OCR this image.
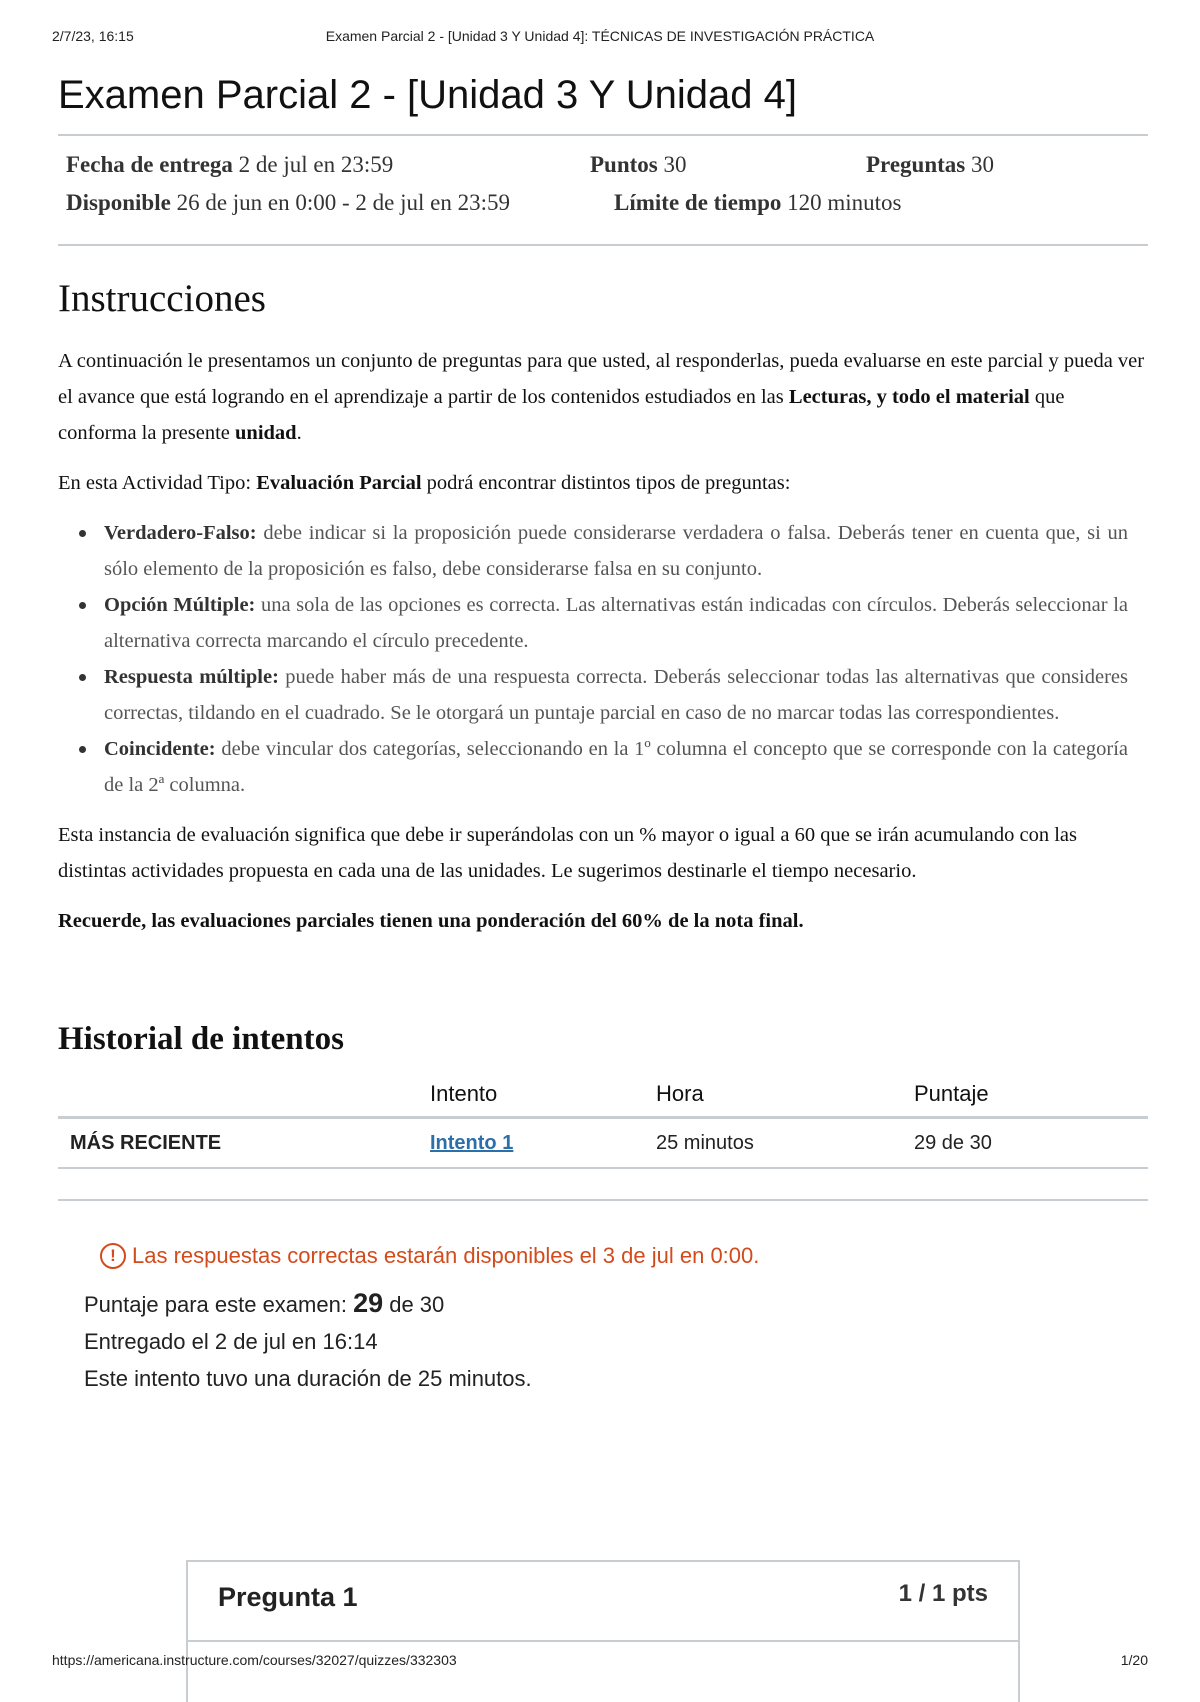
2/7/23, 16:15	Examen Parcial 2 - [Unidad 3 Y Unidad 4]: TÉCNICAS DE INVESTIGACIÓN PRÁCTICA
Examen Parcial 2 - [Unidad 3 Y Unidad 4]
Fecha de entrega 2 de jul en 23:59	Puntos 30	Preguntas 30
Disponible 26 de jun en 0:00 - 2 de jul en 23:59	Límite de tiempo 120 minutos
Instrucciones

A continuación le presentamos un conjunto de preguntas para que usted, al responderlas, pueda evaluarse en este parcial y pueda ver el avance que está logrando en el aprendizaje a partir de los contenidos estudiados en las Lecturas, y todo el material que conforma la presente unidad.

En esta Actividad Tipo: Evaluación Parcial podrá encontrar distintos tipos de preguntas:

Verdadero-Falso: debe indicar si la proposición puede considerarse verdadera o falsa. Deberás tener en cuenta que, si un sólo elemento de la proposición es falso, debe considerarse falsa en su conjunto.
Opción Múltiple: una sola de las opciones es correcta. Las alternativas están indicadas con círculos. Deberás seleccionar la alternativa correcta marcando el círculo precedente.
Respuesta múltiple: puede haber más de una respuesta correcta. Deberás seleccionar todas las alternativas que consideres correctas, tildando en el cuadrado. Se le otorgará un puntaje parcial en caso de no marcar todas las correspondientes.
Coincidente: debe vincular dos categorías, seleccionando en la 1º columna el concepto que se corresponde con la categoría de la 2ª columna.

Esta instancia de evaluación significa que debe ir superándolas con un % mayor o igual a 60 que se irán acumulando con las distintas actividades propuesta en cada una de las unidades. Le sugerimos destinarle el tiempo necesario.

Recuerde, las evaluaciones parciales tienen una ponderación del 60% de la nota final.

Historial de intentos
	Intento	Hora	Puntaje
MÁS RECIENTE	Intento 1	25 minutos	29 de 30
! Las respuestas correctas estarán disponibles el 3 de jul en 0:00.
Puntaje para este examen: 29 de 30
Entregado el 2 de jul en 16:14
Este intento tuvo una duración de 25 minutos.
Pregunta 1	1 / 1 pts
https://americana.instructure.com/courses/32027/quizzes/332303	1/20
